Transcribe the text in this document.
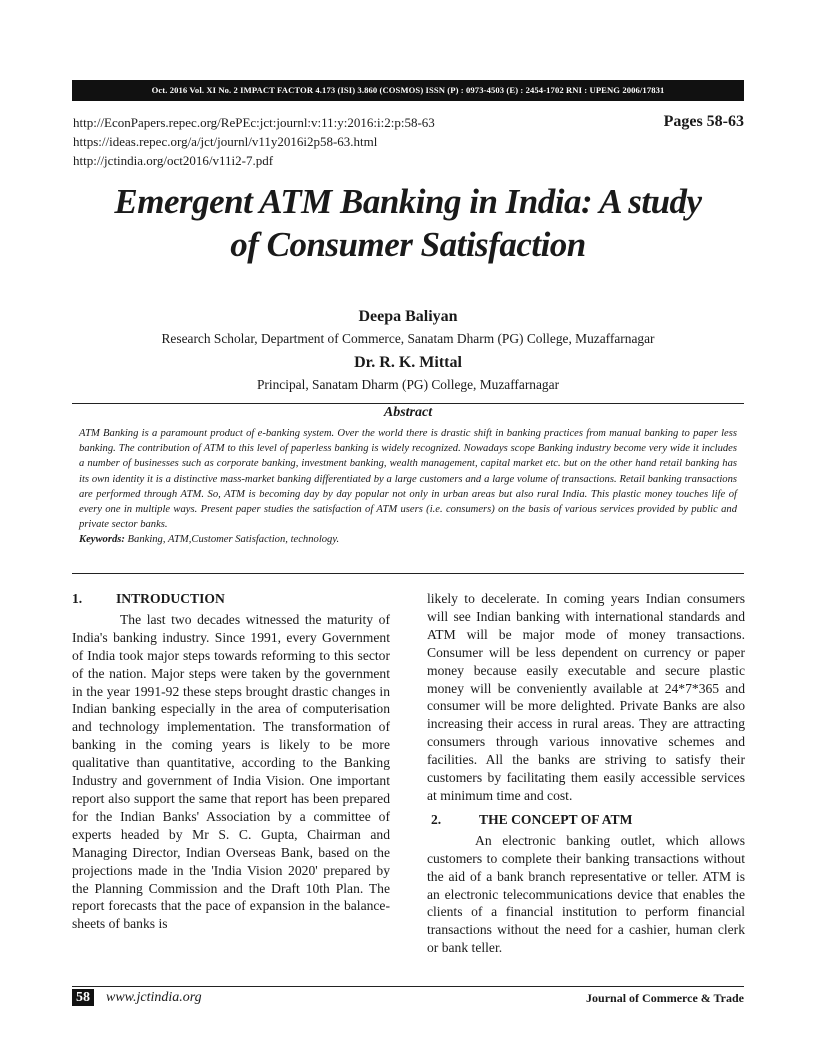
Oct. 2016 Vol. XI No. 2 IMPACT FACTOR 4.173 (ISI) 3.860 (COSMOS) ISSN (P) : 0973-4503 (E) : 2454-1702 RNI : UPENG 2006/17831
http://EconPapers.repec.org/RePEc:jct:journl:v:11:y:2016:i:2:p:58-63
https://ideas.repec.org/a/jct/journl/v11y2016i2p58-63.html
http://jctindia.org/oct2016/v11i2-7.pdf
Pages 58-63
Emergent ATM Banking in India: A study
of Consumer Satisfaction
Deepa Baliyan
Research Scholar, Department of Commerce, Sanatam Dharm (PG) College, Muzaffarnagar
Dr. R. K. Mittal
Principal, Sanatam Dharm (PG) College, Muzaffarnagar
Abstract
ATM Banking is a paramount product of e-banking system. Over the world there is drastic shift in banking practices from manual banking to paper less banking. The contribution of ATM to this level of paperless banking is widely recognized. Nowadays scope Banking industry become very wide it includes a number of businesses such as corporate banking, investment banking, wealth management, capital market etc. but on the other hand retail banking has its own identity it is a distinctive mass-market banking differentiated by a large customers and a large volume of transactions. Retail banking transactions are performed through ATM. So, ATM is becoming day by day popular not only in urban areas but also rural India. This plastic money touches life of every one in multiple ways. Present paper studies the satisfaction of ATM users (i.e. consumers) on the basis of various services provided by public and private sector banks.
Keywords: Banking, ATM,Customer Satisfaction, technology.
1. INTRODUCTION

The last two decades witnessed the maturity of India's banking industry. Since 1991, every Government of India took major steps towards reforming to this sector of the nation. Major steps were taken by the government in the year 1991-92 these steps brought drastic changes in Indian banking especially in the area of computerisation and technology implementation. The transformation of banking in the coming years is likely to be more qualitative than quantitative, according to the Banking Industry and government of India Vision. One important report also support the same that report has been prepared for the Indian Banks' Association by a committee of experts headed by Mr S. C. Gupta, Chairman and Managing Director, Indian Overseas Bank, based on the projections made in the 'India Vision 2020' prepared by the Planning Commission and the Draft 10th Plan. The report forecasts that the pace of expansion in the balance-sheets of banks is

likely to decelerate. In coming years Indian consumers will see Indian banking with international standards and ATM will be major mode of money transactions. Consumer will be less dependent on currency or paper money because easily executable and secure plastic money will be conveniently available at 24*7*365 and consumer will be more delighted. Private Banks are also increasing their access in rural areas. They are attracting consumers through various innovative schemes and facilities. All the banks are striving to satisfy their customers by facilitating them easily accessible services at minimum time and cost.

2.	THE CONCEPT OF ATM

An electronic banking outlet, which allows customers to complete their banking transactions without the aid of a bank branch representative or teller. ATM is an electronic telecommunications device that enables the clients of a financial institution to perform financial transactions without the need for a cashier, human clerk or bank teller.

58 www.jctindia.org	Journal of Commerce & Trade
